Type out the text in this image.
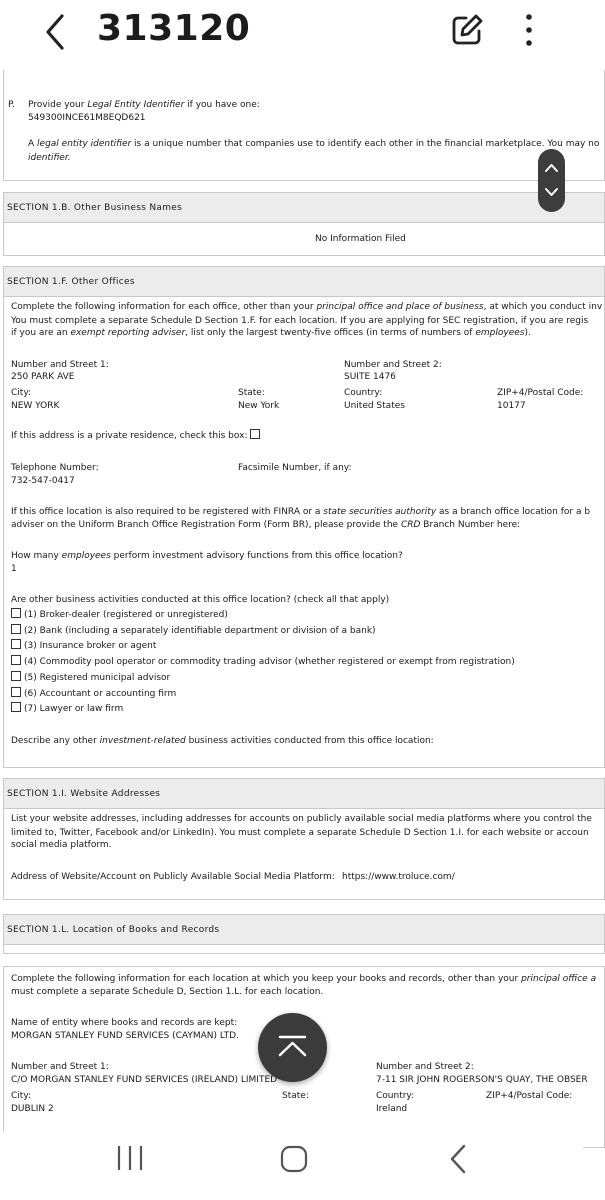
313120
P. Provide your Legal Entity Identifier if you have one:
549300INCE61M8EQD621
A legal entity identifier is a unique number that companies use to identify each other in the financial marketplace. You may no
identifier.
SECTION 1.B. Other Business Names
No Information Filed
SECTION 1.F. Other Offices
Complete the following information for each office, other than your principal office and place of business, at which you conduct inv
You must complete a separate Schedule D Section 1.F. for each location. If you are applying for SEC registration, if you are regis
if you are an exempt reporting adviser, list only the largest twenty-five offices (in terms of numbers of employees).
Number and Street 1:
250 PARK AVE
Number and Street 2:
SUITE 1476
City:
NEW YORK
State:
New York
Country:
United States
ZIP+4/Postal Code:
10177
If this address is a private residence, check this box:
Telephone Number:
732-547-0417
Facsimile Number, if any:
If this office location is also required to be registered with FINRA or a state securities authority as a branch office location for a b
adviser on the Uniform Branch Office Registration Form (Form BR), please provide the CRD Branch Number here:
How many employees perform investment advisory functions from this office location?
1
Are other business activities conducted at this office location? (check all that apply)
(1) Broker-dealer (registered or unregistered)
(2) Bank (including a separately identifiable department or division of a bank)
(3) Insurance broker or agent
(4) Commodity pool operator or commodity trading advisor (whether registered or exempt from registration)
(5) Registered municipal advisor
(6) Accountant or accounting firm
(7) Lawyer or law firm
Describe any other investment-related business activities conducted from this office location:
SECTION 1.I. Website Addresses
List your website addresses, including addresses for accounts on publicly available social media platforms where you control the
limited to, Twitter, Facebook and/or LinkedIn). You must complete a separate Schedule D Section 1.I. for each website or accoun
social media platform.
Address of Website/Account on Publicly Available Social Media Platform: https://www.troluce.com/
SECTION 1.L. Location of Books and Records
Complete the following information for each location at which you keep your books and records, other than your principal office a
must complete a separate Schedule D, Section 1.L. for each location.
Name of entity where books and records are kept:
MORGAN STANLEY FUND SERVICES (CAYMAN) LTD.
Number and Street 1:
C/O MORGAN STANLEY FUND SERVICES (IRELAND) LIMITED
Number and Street 2:
7-11 SIR JOHN ROGERSON'S QUAY, THE OBSER
City:
DUBLIN 2
State:	Country:
Ireland
ZIP+4/Postal Code:
